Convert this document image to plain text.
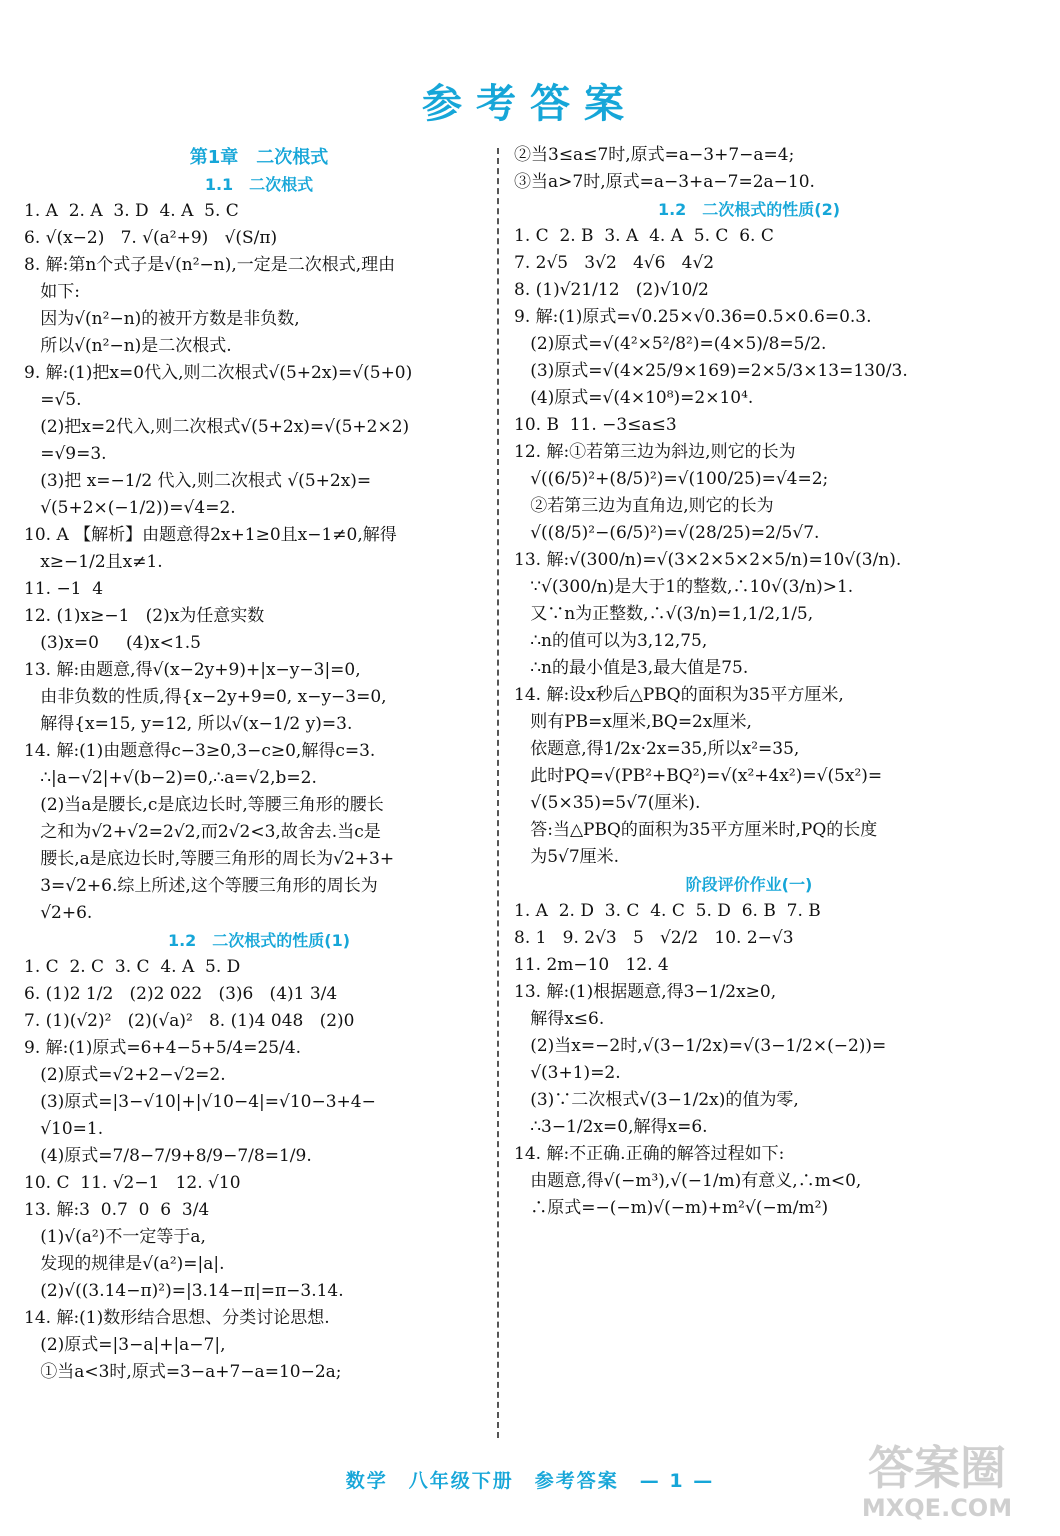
参考答案
第1章　二次根式
1.1　二次根式
1. A  2. A  3. D  4. A  5. C
6. √(x−2)   7. √(a²+9)   √(S/π)
8. 解:第n个式子是√(n²−n),一定是二次根式,理由
如下:
因为√(n²−n)的被开方数是非负数,
所以√(n²−n)是二次根式.
9. 解:(1)把x=0代入,则二次根式√(5+2x)=√(5+0)
=√5.
(2)把x=2代入,则二次根式√(5+2x)=√(5+2×2)
=√9=3.
(3)把 x=−1/2 代入,则二次根式 √(5+2x)=
√(5+2×(−1/2))=√4=2.
10. A 【解析】由题意得2x+1≥0且x−1≠0,解得
x≥−1/2且x≠1.
11. −1  4
12. (1)x≥−1   (2)x为任意实数
(3)x=0     (4)x<1.5
13. 解:由题意,得√(x−2y+9)+|x−y−3|=0,
由非负数的性质,得{x−2y+9=0, x−y−3=0,
解得{x=15, y=12, 所以√(x−1/2 y)=3.
14. 解:(1)由题意得c−3≥0,3−c≥0,解得c=3.
∴|a−√2|+√(b−2)=0,∴a=√2,b=2.
(2)当a是腰长,c是底边长时,等腰三角形的腰长
之和为√2+√2=2√2,而2√2<3,故舍去.当c是
腰长,a是底边长时,等腰三角形的周长为√2+3+
3=√2+6.综上所述,这个等腰三角形的周长为
√2+6.
1.2　二次根式的性质(1)
1. C  2. C  3. C  4. A  5. D
6. (1)2 1/2   (2)2 022   (3)6   (4)1 3/4
7. (1)(√2)²   (2)(√a)²   8. (1)4 048   (2)0
9. 解:(1)原式=6+4−5+5/4=25/4.
(2)原式=√2+2−√2=2.
(3)原式=|3−√10|+|√10−4|=√10−3+4−
√10=1.
(4)原式=7/8−7/9+8/9−7/8=1/9.
10. C  11. √2−1   12. √10
13. 解:3  0.7  0  6  3/4
(1)√(a²)不一定等于a,
发现的规律是√(a²)=|a|.
(2)√((3.14−π)²)=|3.14−π|=π−3.14.
14. 解:(1)数形结合思想、分类讨论思想.
(2)原式=|3−a|+|a−7|,
①当a<3时,原式=3−a+7−a=10−2a;
②当3≤a≤7时,原式=a−3+7−a=4;
③当a>7时,原式=a−3+a−7=2a−10.
1.2　二次根式的性质(2)
1. C  2. B  3. A  4. A  5. C  6. C
7. 2√5   3√2   4√6   4√2
8. (1)√21/12   (2)√10/2
9. 解:(1)原式=√0.25×√0.36=0.5×0.6=0.3.
(2)原式=√(4²×5²/8²)=(4×5)/8=5/2.
(3)原式=√(4×25/9×169)=2×5/3×13=130/3.
(4)原式=√(4×10⁸)=2×10⁴.
10. B  11. −3≤a≤3
12. 解:①若第三边为斜边,则它的长为
√((6/5)²+(8/5)²)=√(100/25)=√4=2;
②若第三边为直角边,则它的长为
√((8/5)²−(6/5)²)=√(28/25)=2/5√7.
13. 解:√(300/n)=√(3×2×5×2×5/n)=10√(3/n).
∵√(300/n)是大于1的整数,∴10√(3/n)>1.
又∵n为正整数,∴√(3/n)=1,1/2,1/5,
∴n的值可以为3,12,75,
∴n的最小值是3,最大值是75.
14. 解:设x秒后△PBQ的面积为35平方厘米,
则有PB=x厘米,BQ=2x厘米,
依题意,得1/2x·2x=35,所以x²=35,
此时PQ=√(PB²+BQ²)=√(x²+4x²)=√(5x²)=
√(5×35)=5√7(厘米).
答:当△PBQ的面积为35平方厘米时,PQ的长度
为5√7厘米.
阶段评价作业(一)
1. A  2. D  3. C  4. C  5. D  6. B  7. B
8. 1   9. 2√3   5   √2/2   10. 2−√3
11. 2m−10   12. 4
13. 解:(1)根据题意,得3−1/2x≥0,
解得x≤6.
(2)当x=−2时,√(3−1/2x)=√(3−1/2×(−2))=
√(3+1)=2.
(3)∵二次根式√(3−1/2x)的值为零,
∴3−1/2x=0,解得x=6.
14. 解:不正确.正确的解答过程如下:
由题意,得√(−m³),√(−1/m)有意义,∴m<0,
∴原式=−(−m)√(−m)+m²√(−m/m²)
数学　八年级下册　参考答案　— 1 —	答案圈
MXQE.COM
